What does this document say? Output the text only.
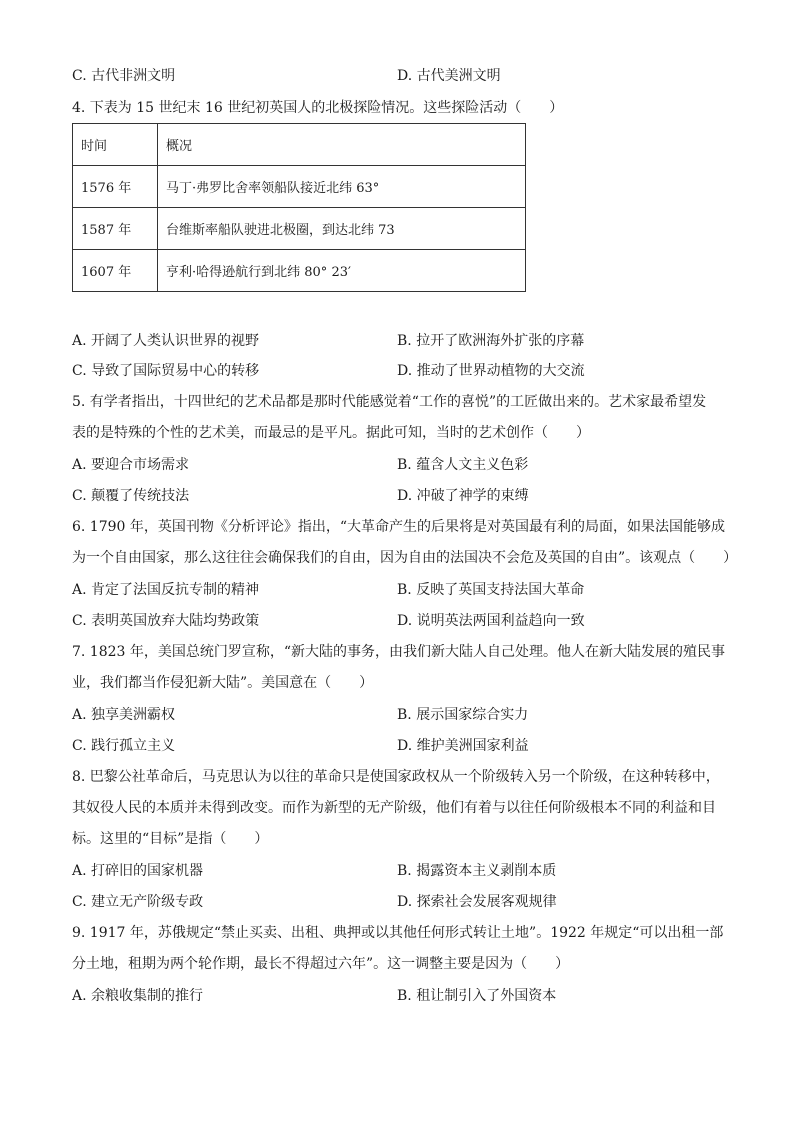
C. 古代非洲文明	D. 古代美洲文明
4. 下表为 15 世纪末 16 世纪初英国人的北极探险情况。这些探险活动（　　）
时间	概况
1576 年	马丁·弗罗比舍率领船队接近北纬 63°
1587 年	台维斯率船队驶进北极圈，到达北纬 73
1607 年	亨利·哈得逊航行到北纬 80° 23′
A. 开阔了人类认识世界的视野	B. 拉开了欧洲海外扩张的序幕
C. 导致了国际贸易中心的转移	D. 推动了世界动植物的大交流
5. 有学者指出，十四世纪的艺术品都是那时代能感觉着“工作的喜悦”的工匠做出来的。艺术家最希望发
表的是特殊的个性的艺术美，而最忌的是平凡。据此可知，当时的艺术创作（　　）
A. 要迎合市场需求	B. 蕴含人文主义色彩
C. 颠覆了传统技法	D. 冲破了神学的束缚
6. 1790 年，英国刊物《分析评论》指出，“大革命产生的后果将是对英国最有利的局面，如果法国能够成
为一个自由国家，那么这往往会确保我们的自由，因为自由的法国决不会危及英国的自由”。该观点（　　）
A. 肯定了法国反抗专制的精神	B. 反映了英国支持法国大革命
C. 表明英国放弃大陆均势政策	D. 说明英法两国利益趋向一致
7. 1823 年，美国总统门罗宣称，“新大陆的事务，由我们新大陆人自己处理。他人在新大陆发展的殖民事
业，我们都当作侵犯新大陆”。美国意在（　　）
A. 独享美洲霸权	B. 展示国家综合实力
C. 践行孤立主义	D. 维护美洲国家利益
8. 巴黎公社革命后，马克思认为以往的革命只是使国家政权从一个阶级转入另一个阶级，在这种转移中，
其奴役人民的本质并未得到改变。而作为新型的无产阶级，他们有着与以往任何阶级根本不同的利益和目
标。这里的“目标”是指（　　）
A. 打碎旧的国家机器	B. 揭露资本主义剥削本质
C. 建立无产阶级专政	D. 探索社会发展客观规律
9. 1917 年，苏俄规定“禁止买卖、出租、典押或以其他任何形式转让土地”。1922 年规定“可以出租一部
分土地，租期为两个轮作期，最长不得超过六年”。这一调整主要是因为（　　）
A. 余粮收集制的推行	B. 租让制引入了外国资本
